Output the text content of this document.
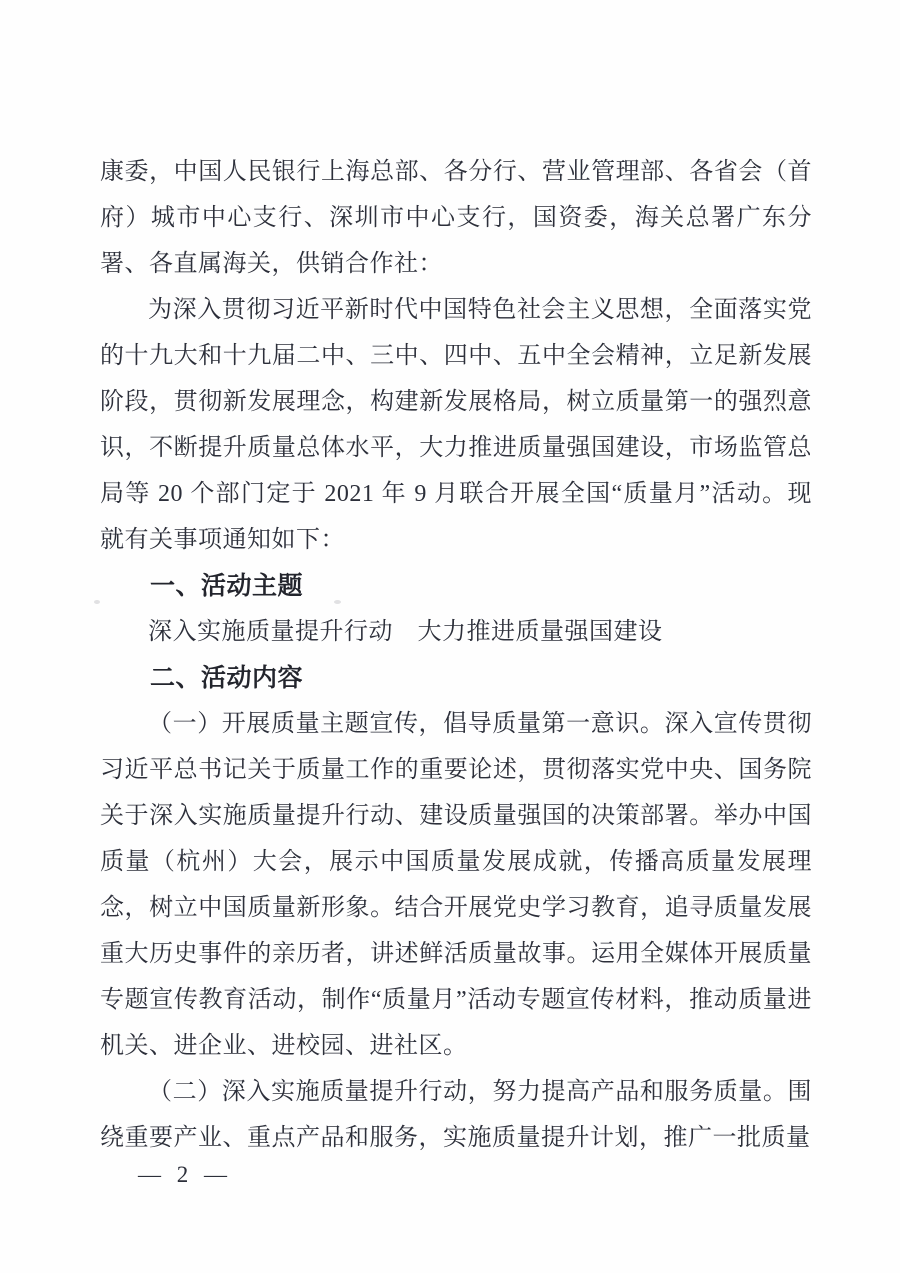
康委，中国人民银行上海总部、各分行、营业管理部、各省会（首府）城市中心支行、深圳市中心支行，国资委，海关总署广东分署、各直属海关，供销合作社：

为深入贯彻习近平新时代中国特色社会主义思想，全面落实党的十九大和十九届二中、三中、四中、五中全会精神，立足新发展阶段，贯彻新发展理念，构建新发展格局，树立质量第一的强烈意识，不断提升质量总体水平，大力推进质量强国建设，市场监管总局等 20 个部门定于 2021 年 9 月联合开展全国“质量月”活动。现就有关事项通知如下：

一、活动主题

深入实施质量提升行动　大力推进质量强国建设

二、活动内容

（一）开展质量主题宣传，倡导质量第一意识。深入宣传贯彻习近平总书记关于质量工作的重要论述，贯彻落实党中央、国务院关于深入实施质量提升行动、建设质量强国的决策部署。举办中国质量（杭州）大会，展示中国质量发展成就，传播高质量发展理念，树立中国质量新形象。结合开展党史学习教育，追寻质量发展重大历史事件的亲历者，讲述鲜活质量故事。运用全媒体开展质量专题宣传教育活动，制作“质量月”活动专题宣传材料，推动质量进机关、进企业、进校园、进社区。

（二）深入实施质量提升行动，努力提高产品和服务质量。围绕重要产业、重点产品和服务，实施质量提升计划，推广一批质量

— 2 —
